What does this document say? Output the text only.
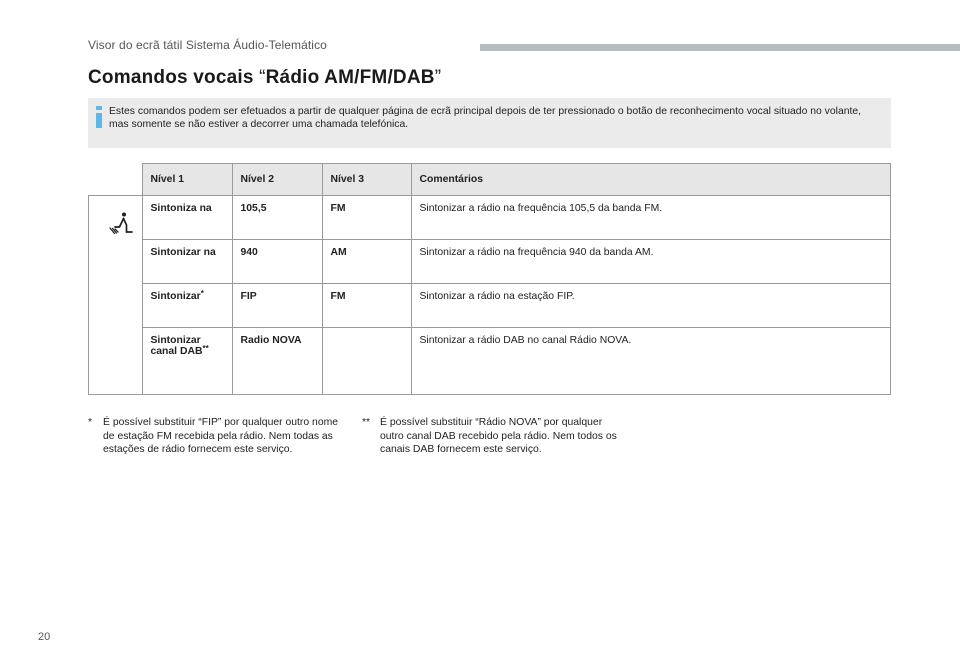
Visor do ecrã tátil Sistema Áudio-Telemático
Comandos vocais “Rádio AM/FM/DAB”
Estes comandos podem ser efetuados a partir de qualquer página de ecrã principal depois de ter pressionado o botão de reconhecimento vocal situado no volante, mas somente se não estiver a decorrer uma chamada telefónica.
	Nível 1	Nível 2	Nível 3	Comentários

	Sintoniza na	105,5	FM	Sintonizar a rádio na frequência 105,5 da banda FM.
	Sintonizar na	940	AM	Sintonizar a rádio na frequência 940 da banda AM.
	Sintonizar*	FIP	FM	Sintonizar a rádio na estação FIP.
	Sintonizar canal DAB**	Radio NOVA		Sintonizar a rádio DAB no canal Rádio NOVA.
* É possível substituir “FIP” por qualquer outro nome de estação FM recebida pela rádio. Nem todas as estações de rádio fornecem este serviço.
** É possível substituir “Rádio NOVA” por qualquer outro canal DAB recebido pela rádio. Nem todos os canais DAB fornecem este serviço.
20
